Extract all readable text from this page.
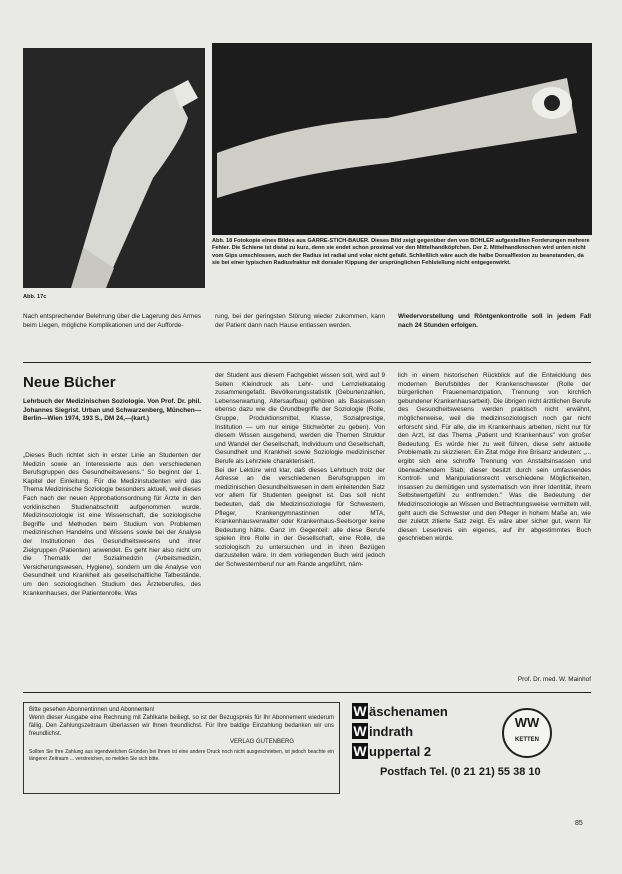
Abb. 17c

Abb. 18 Fotokopie eines Bildes aus GARRE-STICH-BAUER. Dieses Bild zeigt gegenüber den von BÖHLER aufgestellten Forderungen mehrere Fehler. Die Schiene ist distal zu kurz, denn sie endet schon proximal vor den Mittelhandköpfchen. Der 2. Mittelhandknochen wird unten nicht vom Gips umschlossen, auch der Radius ist radial und volar nicht gefaßt. Schließlich wäre auch die halbe Dorsalflexion zu beanstanden, da sie bei einer typischen Radiusfraktur mit dorsaler Kippung der ursprünglichen Fehlstellung nicht entgegenwirkt.

Nach entsprechender Belehrung über die Lagerung des Armes beim Liegen, mögliche Komplikationen und der Aufforde-

rung, bei der geringsten Störung wieder zukommen, kann der Patient dann nach Hause entlassen werden.

Wiedervorstellung und Röntgenkontrolle soll in jedem Fall nach 24 Stunden erfolgen.

Neue Bücher

Lehrbuch der Medizinischen Soziologie. Von Prof. Dr. phil. Johannes Siegrist. Urban und Schwarzenberg, München—Berlin—Wien 1974, 193 S., DM 24,—(kart.)

„Dieses Buch richtet sich in erster Linie an Studenten der Medizin sowie an Interessierte aus den verschiedenen Berufsgruppen des Gesundheitswesens." So beginnt der 1. Kapitel der Einleitung. Für die Medizinstudenten wird das Thema Medizinische Soziologie besonders aktuell, weil dieses Fach nach der neuen Approbationsordnung für Ärzte in den vorklinischen Studienabschnitt aufgenommen wurde. Medizinsoziologie ist eine Wissenschaft, die soziologische Begriffe und Methoden beim Studium von Problemen medizinischen Handelns und Wissens sowie bei der Analyse der Institutionen des Gesundheitswesens und ihrer Zielgruppen (Patienten) anwendet. Es geht hier also nicht um die Thematik der Sozialmedizin (Arbeitsmedizin, Versicherungswesen, Hygiene), sondern um die Analyse von Gesundheit und Krankheit als gesellschaftliche Tatbestände, um den soziologischen Studium des Ärzteberufes, des Krankenhauses, der Patientenrolle. Was

der Student aus diesem Fachgebiet wissen soll, wird auf 9 Seiten Kleindruck als Lehr- und Lernzielkatalog zusammengefaßt. Bevölkerungsstatistik (Geburtenzahlen, Lebenserwartung, Altersaufbau) gehören als Basiswissen ebenso dazu wie die Grundbegriffe der Soziologie (Rolle, Gruppe, Produktionsmittel, Klasse, Sozialprestige, Institution — um nur einige Stichwörter zu geben). Von diesem Wissen ausgehend, werden die Themen Struktur und Wandel der Gesellschaft, Individuum und Gesellschaft, Gesundheit und Krankheit sowie Soziologie medizinischer Berufe als Lehrziele charakterisiert.
Bei der Lektüre wird klar, daß dieses Lehrbuch trotz der Adresse an die verschiedenen Berufsgruppen im medizinischen Gesundheitswesen in dem einleitenden Satz vor allem für Studenten geeignet ist. Das soll nicht bedeuten, daß die Medizinsoziologie für Schwestern, Pfleger, Krankengymnastinnen oder MTA, Krankenhausverwalter oder Krankenhaus-Seelsorger keine Bedeutung hätte. Ganz im Gegenteil: alle diese Berufe spielen ihre Rolle in der Gesellschaft, eine Rolle, die soziologisch zu untersuchen und in ihren Bezügen darzustellen wäre. In dem vorliegenden Buch wird jedoch der Schwesternberuf nur am Rande angeführt, näm-

lich in einem historischen Rückblick auf die Entwicklung des modernen Berufsbildes der Krankenschwester (Rolle der bürgerlichen Frauenemanzipation, Trennung von kirchlich gebundener Krankenhausarbeit). Die übrigen nicht ärztlichen Berufe des Gesundheitswesens werden praktisch nicht erwähnt, möglicherweise, weil die medizinsoziologisch noch gar nicht erforscht sind. Für alle, die im Krankenhaus arbeiten, nicht nur für den Arzt, ist das Thema „Patient und Krankenhaus" von großer Bedeutung. Es würde hier zu weit führen, diese sehr aktuelle Problematik zu skizzieren. Ein Zitat möge ihre Brisanz andeuten: „... ergibt sich eine schroffe Trennung von Anstaltsinsassen und überwachendem Stab; dieser besitzt durch sein umfassendes Kontroll- und Manipulationsrecht verschiedene Möglichkeiten, Insassen zu demütigen und systematisch von ihrer Identität, ihrem Selbstwertgefühl zu entfremden." Was die Bedeutung der Medizinsoziologie an Wissen und Betrachtungsweise vermitteln will, geht auch die Schwester und den Pfleger in hohem Maße an, wie der zuletzt zitierte Satz zeigt. Es wäre aber sicher gut, wenn für diesen Leserkreis ein eigenes, auf ihr abgestimmtes Buch geschrieben würde.

Prof. Dr. med. W. Mainhof

Bitte gesehen Abonnentinnen und Abonnenten!

Wenn dieser Ausgabe eine Rechnung mit Zahlkarte beiliegt, so ist der Bezugspreis für Ihr Abonnement wiederum fällig. Den Zahlungszeitraum überlassen wir Ihnen freundlichst. Für Ihre baldige Einzahlung bedanken wir uns freundlichst.

VERLAG GUTENBERG

Sollten Sie Ihre Zahlung aus irgendwelchen Gründen bei Ihnen ist eine andere Druck noch nicht ausgeschrieben, ist jedoch beachte ein längerer Zeitraum ... verstreichen, so melden Sie sich bitte.

W äschenamen
W indrath
W uppertal 2
Postfach Tel. (0 21 21) 55 38 10
WW
KETTEN
85
